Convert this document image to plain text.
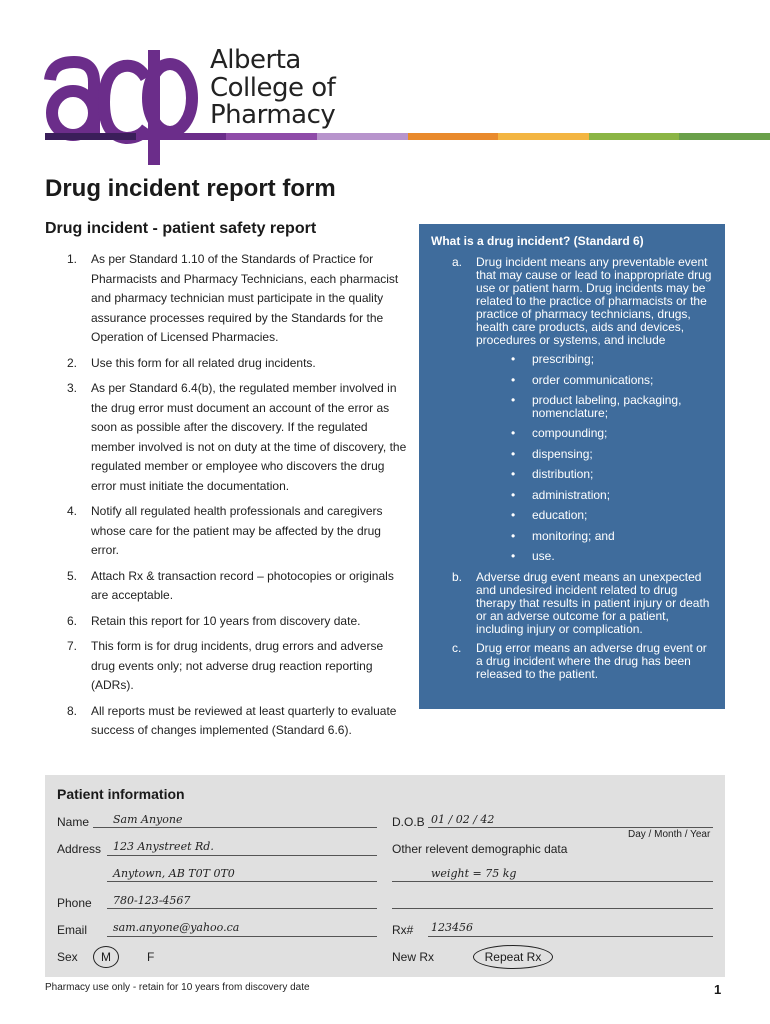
Alberta
College of
Pharmacy
Drug incident report form
Drug incident - patient safety report
1. As per Standard 1.10 of the Standards of Practice for Pharmacists and Pharmacy Technicians, each pharmacist and pharmacy technician must participate in the quality assurance processes required by the Standards for the Operation of Licensed Pharmacies.
2. Use this form for all related drug incidents.
3. As per Standard 6.4(b), the regulated member involved in the drug error must document an account of the error as soon as possible after the discovery. If the regulated member involved is not on duty at the time of discovery, the regulated member or employee who discovers the drug error must initiate the documentation.
4. Notify all regulated health professionals and caregivers whose care for the patient may be affected by the drug error.
5. Attach Rx & transaction record – photocopies or originals are acceptable.
6. Retain this report for 10 years from discovery date.
7. This form is for drug incidents, drug errors and adverse drug events only; not adverse drug reaction reporting (ADRs).
8. All reports must be reviewed at least quarterly to evaluate success of changes implemented (Standard 6.6).
What is a drug incident? (Standard 6)
a. Drug incident means any preventable event that may cause or lead to inappropriate drug use or patient harm. Drug incidents may be related to the practice of pharmacists or the practice of pharmacy technicians, drugs, health care products, aids and devices, procedures or systems, and include
• prescribing;
• order communications;
• product labeling, packaging, nomenclature;
• compounding;
• dispensing;
• distribution;
• administration;
• education;
• monitoring; and
• use.
b. Adverse drug event means an unexpected and undesired incident related to drug therapy that results in patient injury or death or an adverse outcome for a patient, including injury or complication.
c. Drug error means an adverse drug event or a drug incident where the drug has been released to the patient.
Patient information
Name Sam Anyone
Address 123 Anystreet Rd.
Anytown, AB T0T 0T0
Phone 780-123-4567
Email sam.anyone@yahoo.ca
Sex	M	F
D.O.B 01 / 02 / 42
Day / Month / Year
Other relevent demographic data
weight = 75 kg
Rx# 123456
New Rx	Repeat Rx
Pharmacy use only - retain for 10 years from discovery date	1
